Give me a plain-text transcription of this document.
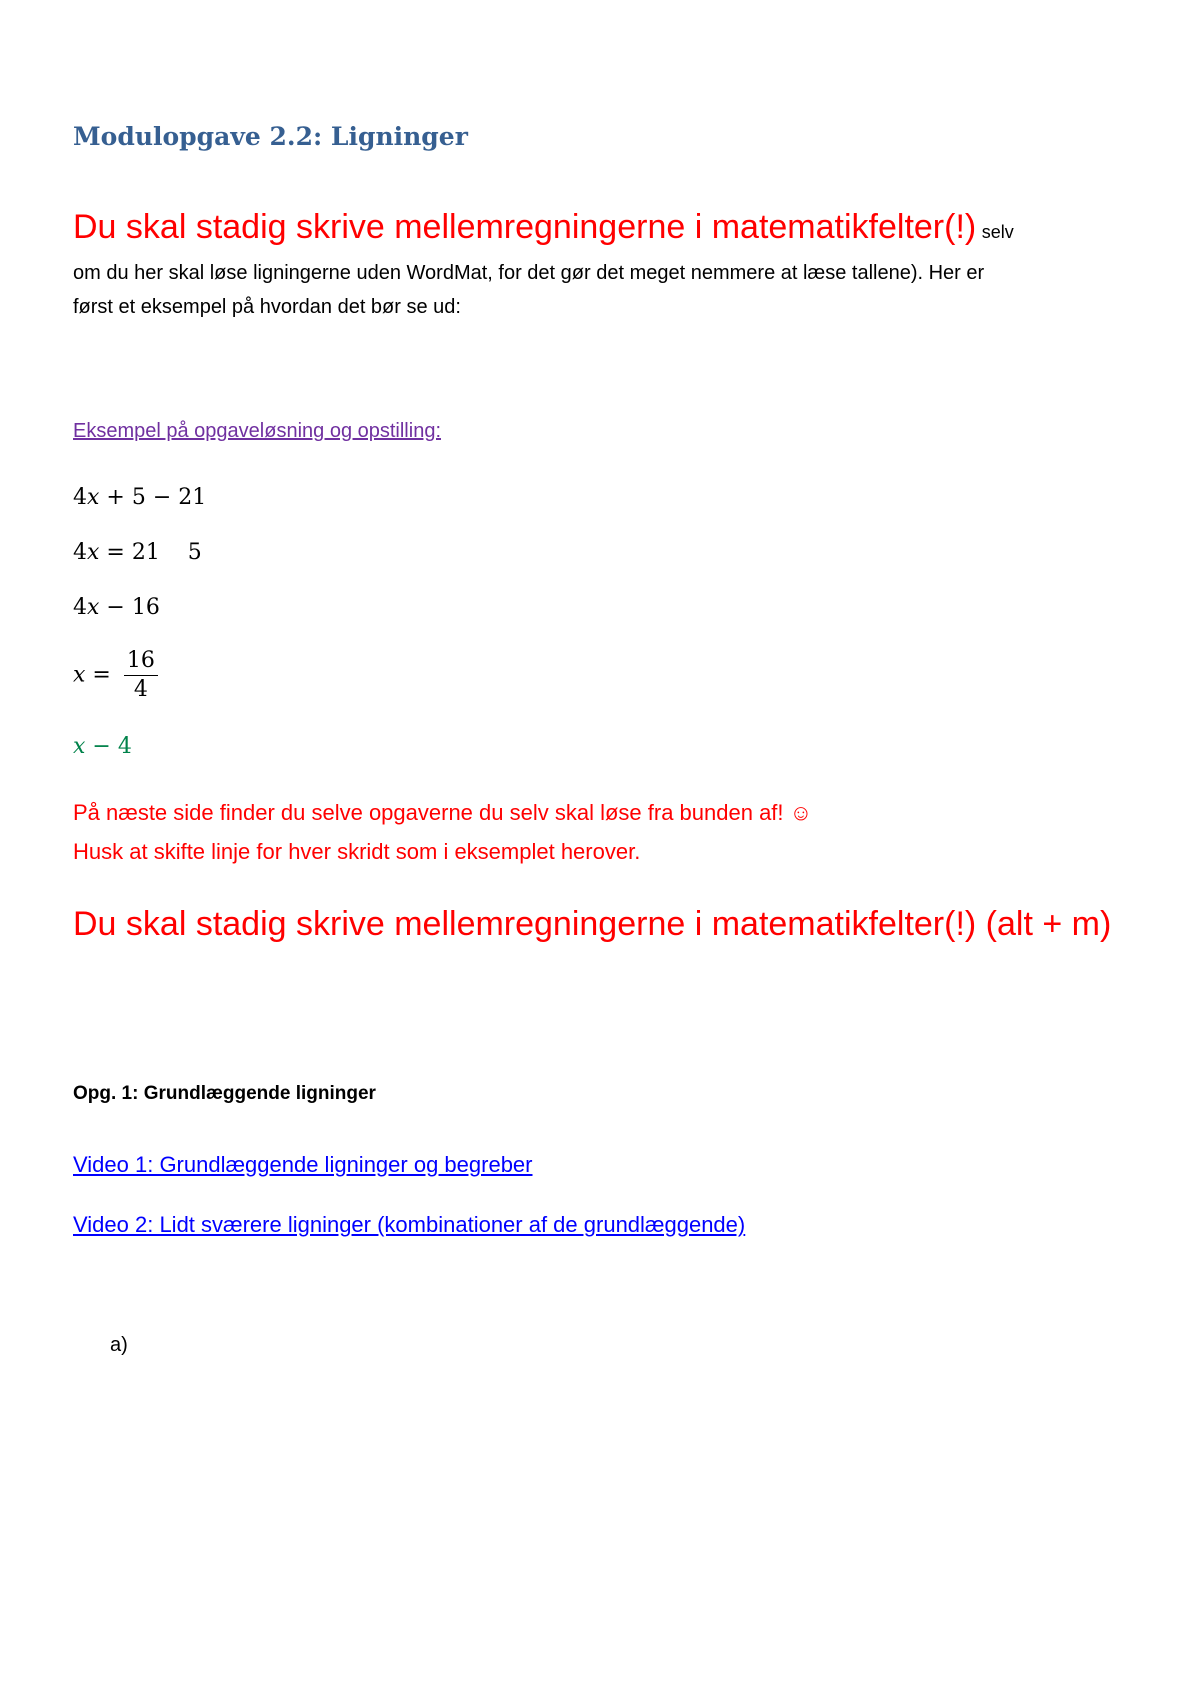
Modulopgave 2.2: Ligninger
Du skal stadig skrive mellemregningerne i matematikfelter(!) selv
om du her skal løse ligningerne uden WordMat, for det gør det meget nemmere at læse tallene). Her er
først et eksempel på hvordan det bør se ud:
Eksempel på opgaveløsning og opstilling:
4x + 5 − 21
4x = 21    5
4x − 16
$x = \frac{16}{4}$
x − 4
På næste side finder du selve opgaverne du selv skal løse fra bunden af! ☺
Husk at skifte linje for hver skridt som i eksemplet herover.
Du skal stadig skrive mellemregningerne i matematikfelter(!) (alt + m)
Opg. 1: Grundlæggende ligninger
Video 1: Grundlæggende ligninger og begreber
Video 2: Lidt sværere ligninger (kombinationer af de grundlæggende)
a)
